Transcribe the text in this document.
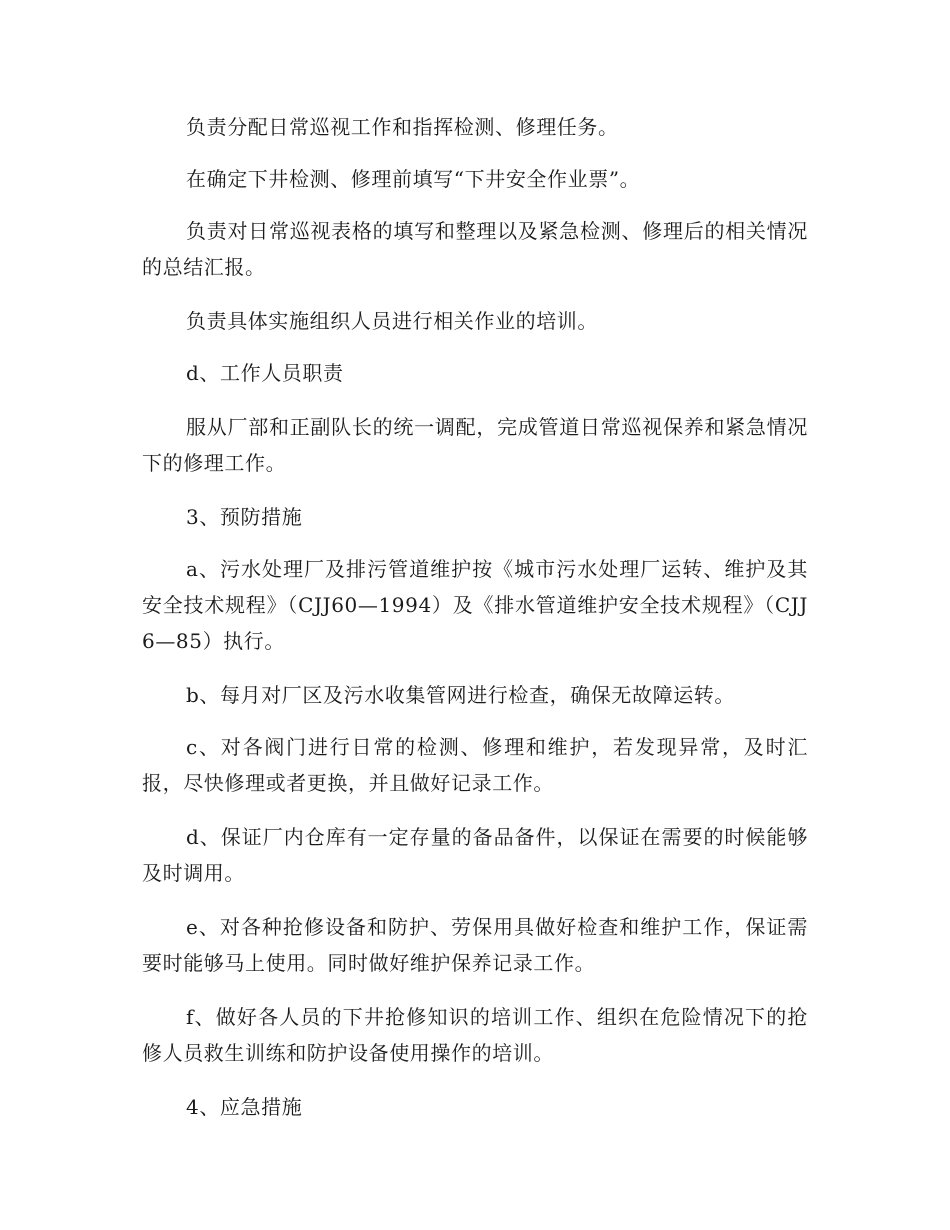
负责分配日常巡视工作和指挥检测、修理任务。

在确定下井检测、修理前填写“下井安全作业票”。

负责对日常巡视表格的填写和整理以及紧急检测、修理后的相关情况的总结汇报。

负责具体实施组织人员进行相关作业的培训。

d、工作人员职责

服从厂部和正副队长的统一调配，完成管道日常巡视保养和紧急情况下的修理工作。

3、预防措施

a、污水处理厂及排污管道维护按《城市污水处理厂运转、维护及其安全技术规程》（CJJ60—1994）及《排水管道维护安全技术规程》（CJJ6—85）执行。

b、每月对厂区及污水收集管网进行检查，确保无故障运转。

c、对各阀门进行日常的检测、修理和维护，若发现异常，及时汇报，尽快修理或者更换，并且做好记录工作。

d、保证厂内仓库有一定存量的备品备件，以保证在需要的时候能够及时调用。

e、对各种抢修设备和防护、劳保用具做好检查和维护工作，保证需要时能够马上使用。同时做好维护保养记录工作。

f、做好各人员的下井抢修知识的培训工作、组织在危险情况下的抢修人员救生训练和防护设备使用操作的培训。

4、应急措施
